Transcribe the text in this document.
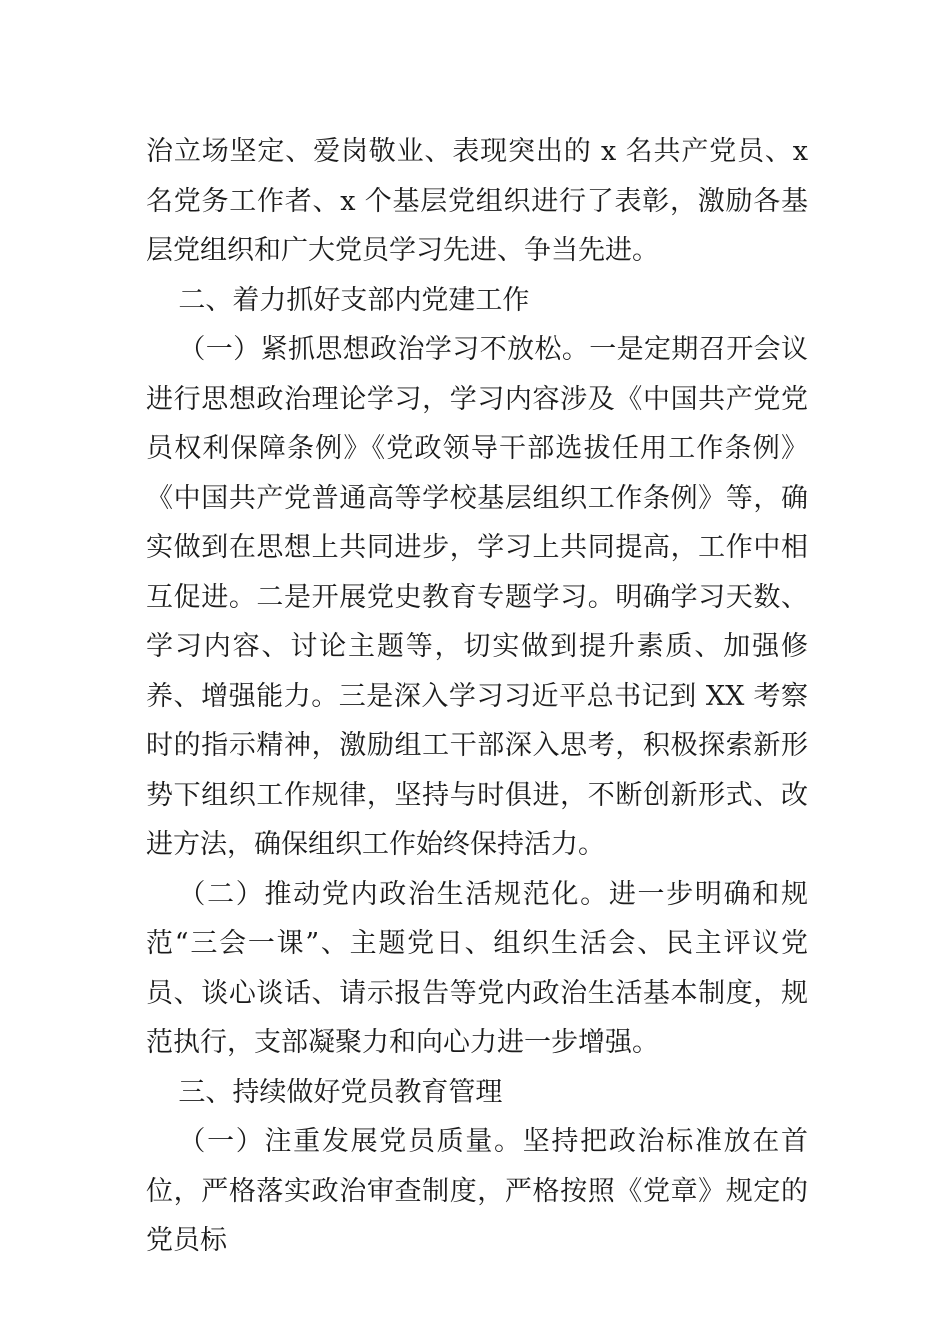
治立场坚定、爱岗敬业、表现突出的 x 名共产党员、x 名党务工作者、x 个基层党组织进行了表彰，激励各基层党组织和广大党员学习先进、争当先进。

二、着力抓好支部内党建工作

（一）紧抓思想政治学习不放松。一是定期召开会议进行思想政治理论学习，学习内容涉及《中国共产党党员权利保障条例》《党政领导干部选拔任用工作条例》《中国共产党普通高等学校基层组织工作条例》等，确实做到在思想上共同进步，学习上共同提高，工作中相互促进。二是开展党史教育专题学习。明确学习天数、学习内容、讨论主题等，切实做到提升素质、加强修养、增强能力。三是深入学习习近平总书记到 XX 考察时的指示精神，激励组工干部深入思考，积极探索新形势下组织工作规律，坚持与时俱进，不断创新形式、改进方法，确保组织工作始终保持活力。

（二）推动党内政治生活规范化。进一步明确和规范“三会一课”、主题党日、组织生活会、民主评议党员、谈心谈话、请示报告等党内政治生活基本制度，规范执行，支部凝聚力和向心力进一步增强。

三、持续做好党员教育管理

（一）注重发展党员质量。坚持把政治标准放在首位，严格落实政治审查制度，严格按照《党章》规定的党员标
